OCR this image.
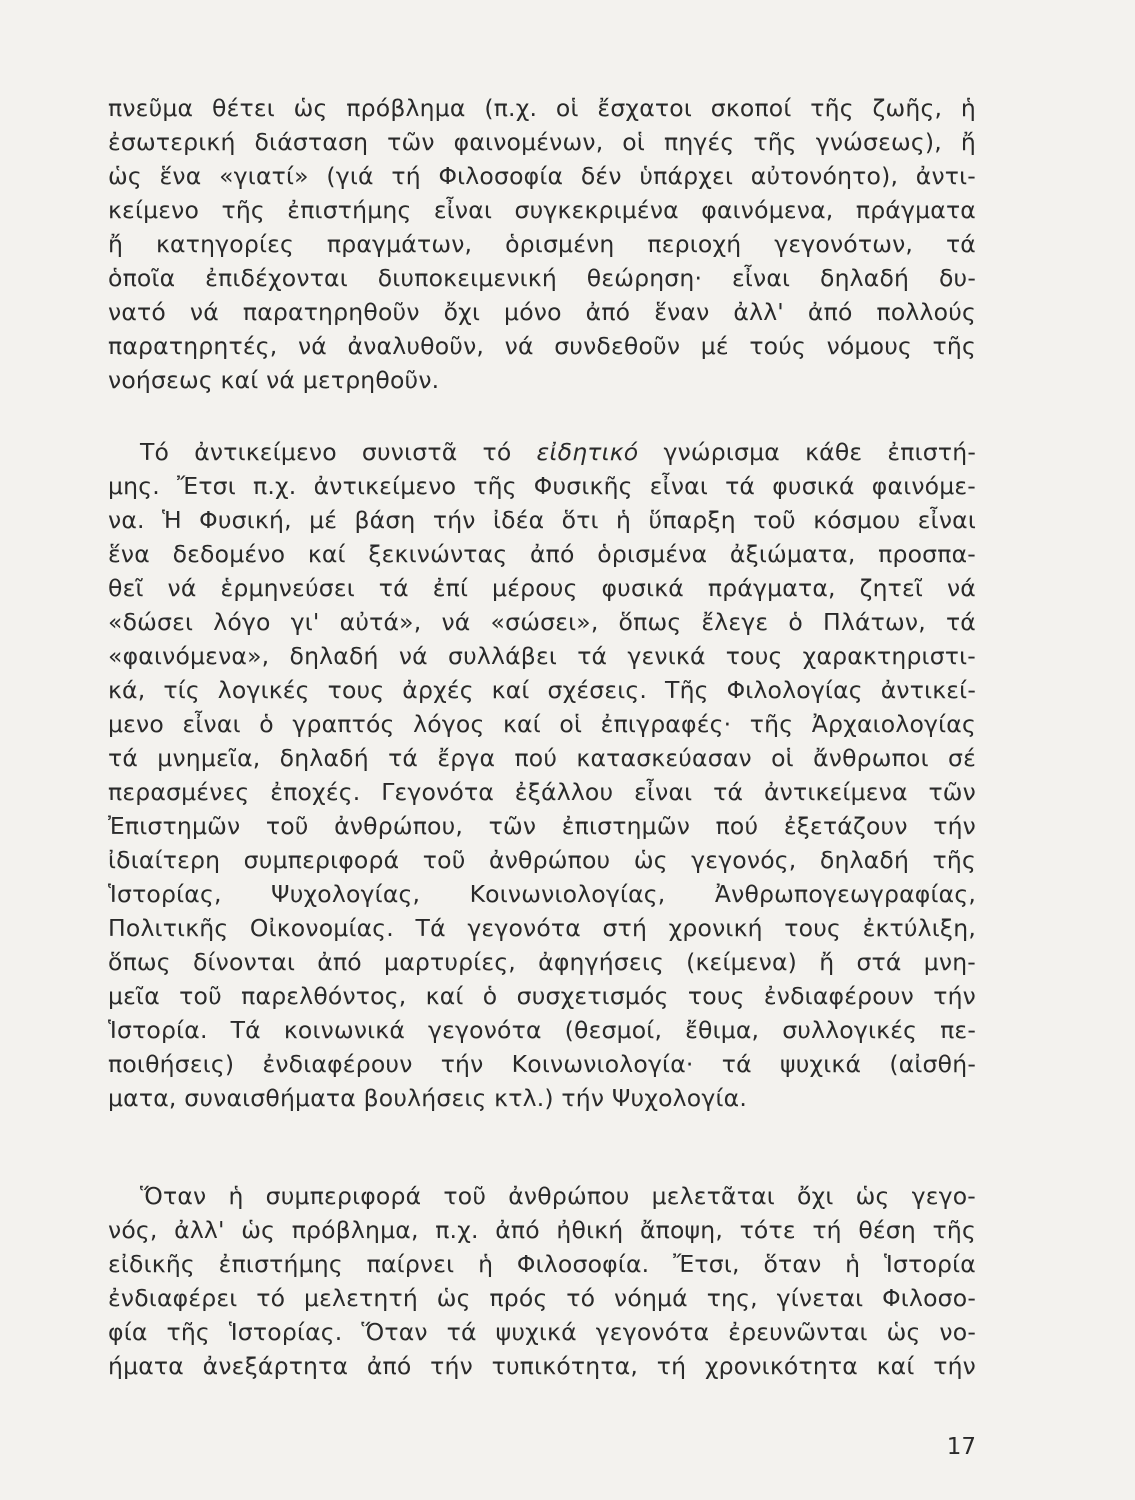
πνεῦμα θέτει ὡς πρόβλημα (π.χ. οἱ ἔσχατοι σκοποί τῆς ζωῆς, ἡ
ἐσωτερική διάσταση τῶν φαινομένων, οἱ πηγές τῆς γνώσεως), ἤ
ὡς ἕνα «γιατί» (γιά τή Φιλοσοφία δέν ὑπάρχει αὐτονόητο), ἀντι-
κείμενο τῆς ἐπιστήμης εἶναι συγκεκριμένα φαινόμενα, πράγματα
ἤ κατηγορίες πραγμάτων, ὁρισμένη περιοχή γεγονότων, τά
ὁποῖα ἐπιδέχονται διυποκειμενική θεώρηση· εἶναι δηλαδή δυ-
νατό νά παρατηρηθοῦν ὄχι μόνο ἀπό ἕναν ἀλλ' ἀπό πολλούς
παρατηρητές, νά ἀναλυθοῦν, νά συνδεθοῦν μέ τούς νόμους τῆς
νοήσεως καί νά μετρηθοῦν.
Τό ἀντικείμενο συνιστᾶ τό εἰδητικό γνώρισμα κάθε ἐπιστή-
μης. Ἔτσι π.χ. ἀντικείμενο τῆς Φυσικῆς εἶναι τά φυσικά φαινόμε-
να. Ἡ Φυσική, μέ βάση τήν ἰδέα ὅτι ἡ ὕπαρξη τοῦ κόσμου εἶναι
ἕνα δεδομένο καί ξεκινώντας ἀπό ὁρισμένα ἀξιώματα, προσπα-
θεῖ νά ἑρμηνεύσει τά ἐπί μέρους φυσικά πράγματα, ζητεῖ νά
«δώσει λόγο γι' αὐτά», νά «σώσει», ὅπως ἔλεγε ὁ Πλάτων, τά
«φαινόμενα», δηλαδή νά συλλάβει τά γενικά τους χαρακτηριστι-
κά, τίς λογικές τους ἀρχές καί σχέσεις. Τῆς Φιλολογίας ἀντικεί-
μενο εἶναι ὁ γραπτός λόγος καί οἱ ἐπιγραφές· τῆς Ἀρχαιολογίας
τά μνημεῖα, δηλαδή τά ἔργα πού κατασκεύασαν οἱ ἄνθρωποι σέ
περασμένες ἐποχές. Γεγονότα ἐξάλλου εἶναι τά ἀντικείμενα τῶν
Ἐπιστημῶν τοῦ ἀνθρώπου, τῶν ἐπιστημῶν πού ἐξετάζουν τήν
ἰδιαίτερη συμπεριφορά τοῦ ἀνθρώπου ὡς γεγονός, δηλαδή τῆς
Ἱστορίας, Ψυχολογίας, Κοινωνιολογίας, Ἀνθρωπογεωγραφίας,
Πολιτικῆς Οἰκονομίας. Τά γεγονότα στή χρονική τους ἐκτύλιξη,
ὅπως δίνονται ἀπό μαρτυρίες, ἀφηγήσεις (κείμενα) ἤ στά μνη-
μεῖα τοῦ παρελθόντος, καί ὁ συσχετισμός τους ἐνδιαφέρουν τήν
Ἱστορία. Τά κοινωνικά γεγονότα (θεσμοί, ἔθιμα, συλλογικές πε-
ποιθήσεις) ἐνδιαφέρουν τήν Κοινωνιολογία· τά ψυχικά (αἰσθή-
ματα, συναισθήματα βουλήσεις κτλ.) τήν Ψυχολογία.
Ὅταν ἡ συμπεριφορά τοῦ ἀνθρώπου μελετᾶται ὄχι ὡς γεγο-
νός, ἀλλ' ὡς πρόβλημα, π.χ. ἀπό ἠθική ἄποψη, τότε τή θέση τῆς
εἰδικῆς ἐπιστήμης παίρνει ἡ Φιλοσοφία. Ἔτσι, ὅταν ἡ Ἱστορία
ἐνδιαφέρει τό μελετητή ὡς πρός τό νόημά της, γίνεται Φιλοσο-
φία τῆς Ἱστορίας. Ὅταν τά ψυχικά γεγονότα ἐρευνῶνται ὡς νο-
ήματα ἀνεξάρτητα ἀπό τήν τυπικότητα, τή χρονικότητα καί τήν
17
